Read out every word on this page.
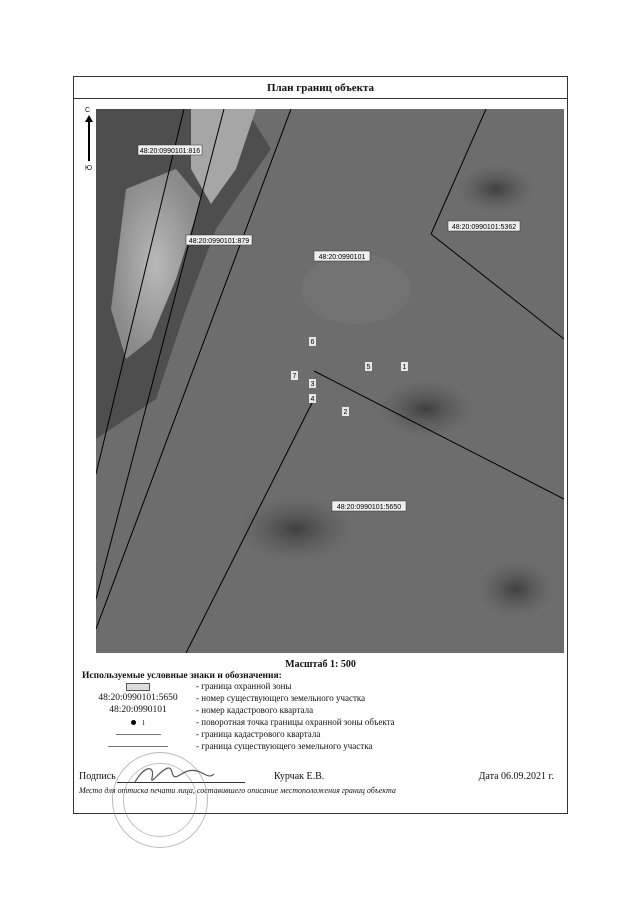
План границ объекта
С
Ю
48:20:0990101:816
48:20:0990101:879
48:20:0990101
48:20:0990101:5362
48:20:0990101:5650
6
5
7
3
4
2
1
Масштаб 1: 500
Используемые условные знаки и обозначения:
- граница охранной зоны
48:20:0990101:5650	- номер существующего земельного участка
48:20:0990101	- номер кадастрового квартала
1	- поворотная точка границы охранной зоны объекта
- граница кадастрового квартала
- граница существующего земельного участка
Подпись	Курчак Е.В.	Дата 06.09.2021 г.
Место для оттиска печати лица, составившего описание местоположения границ объекта
